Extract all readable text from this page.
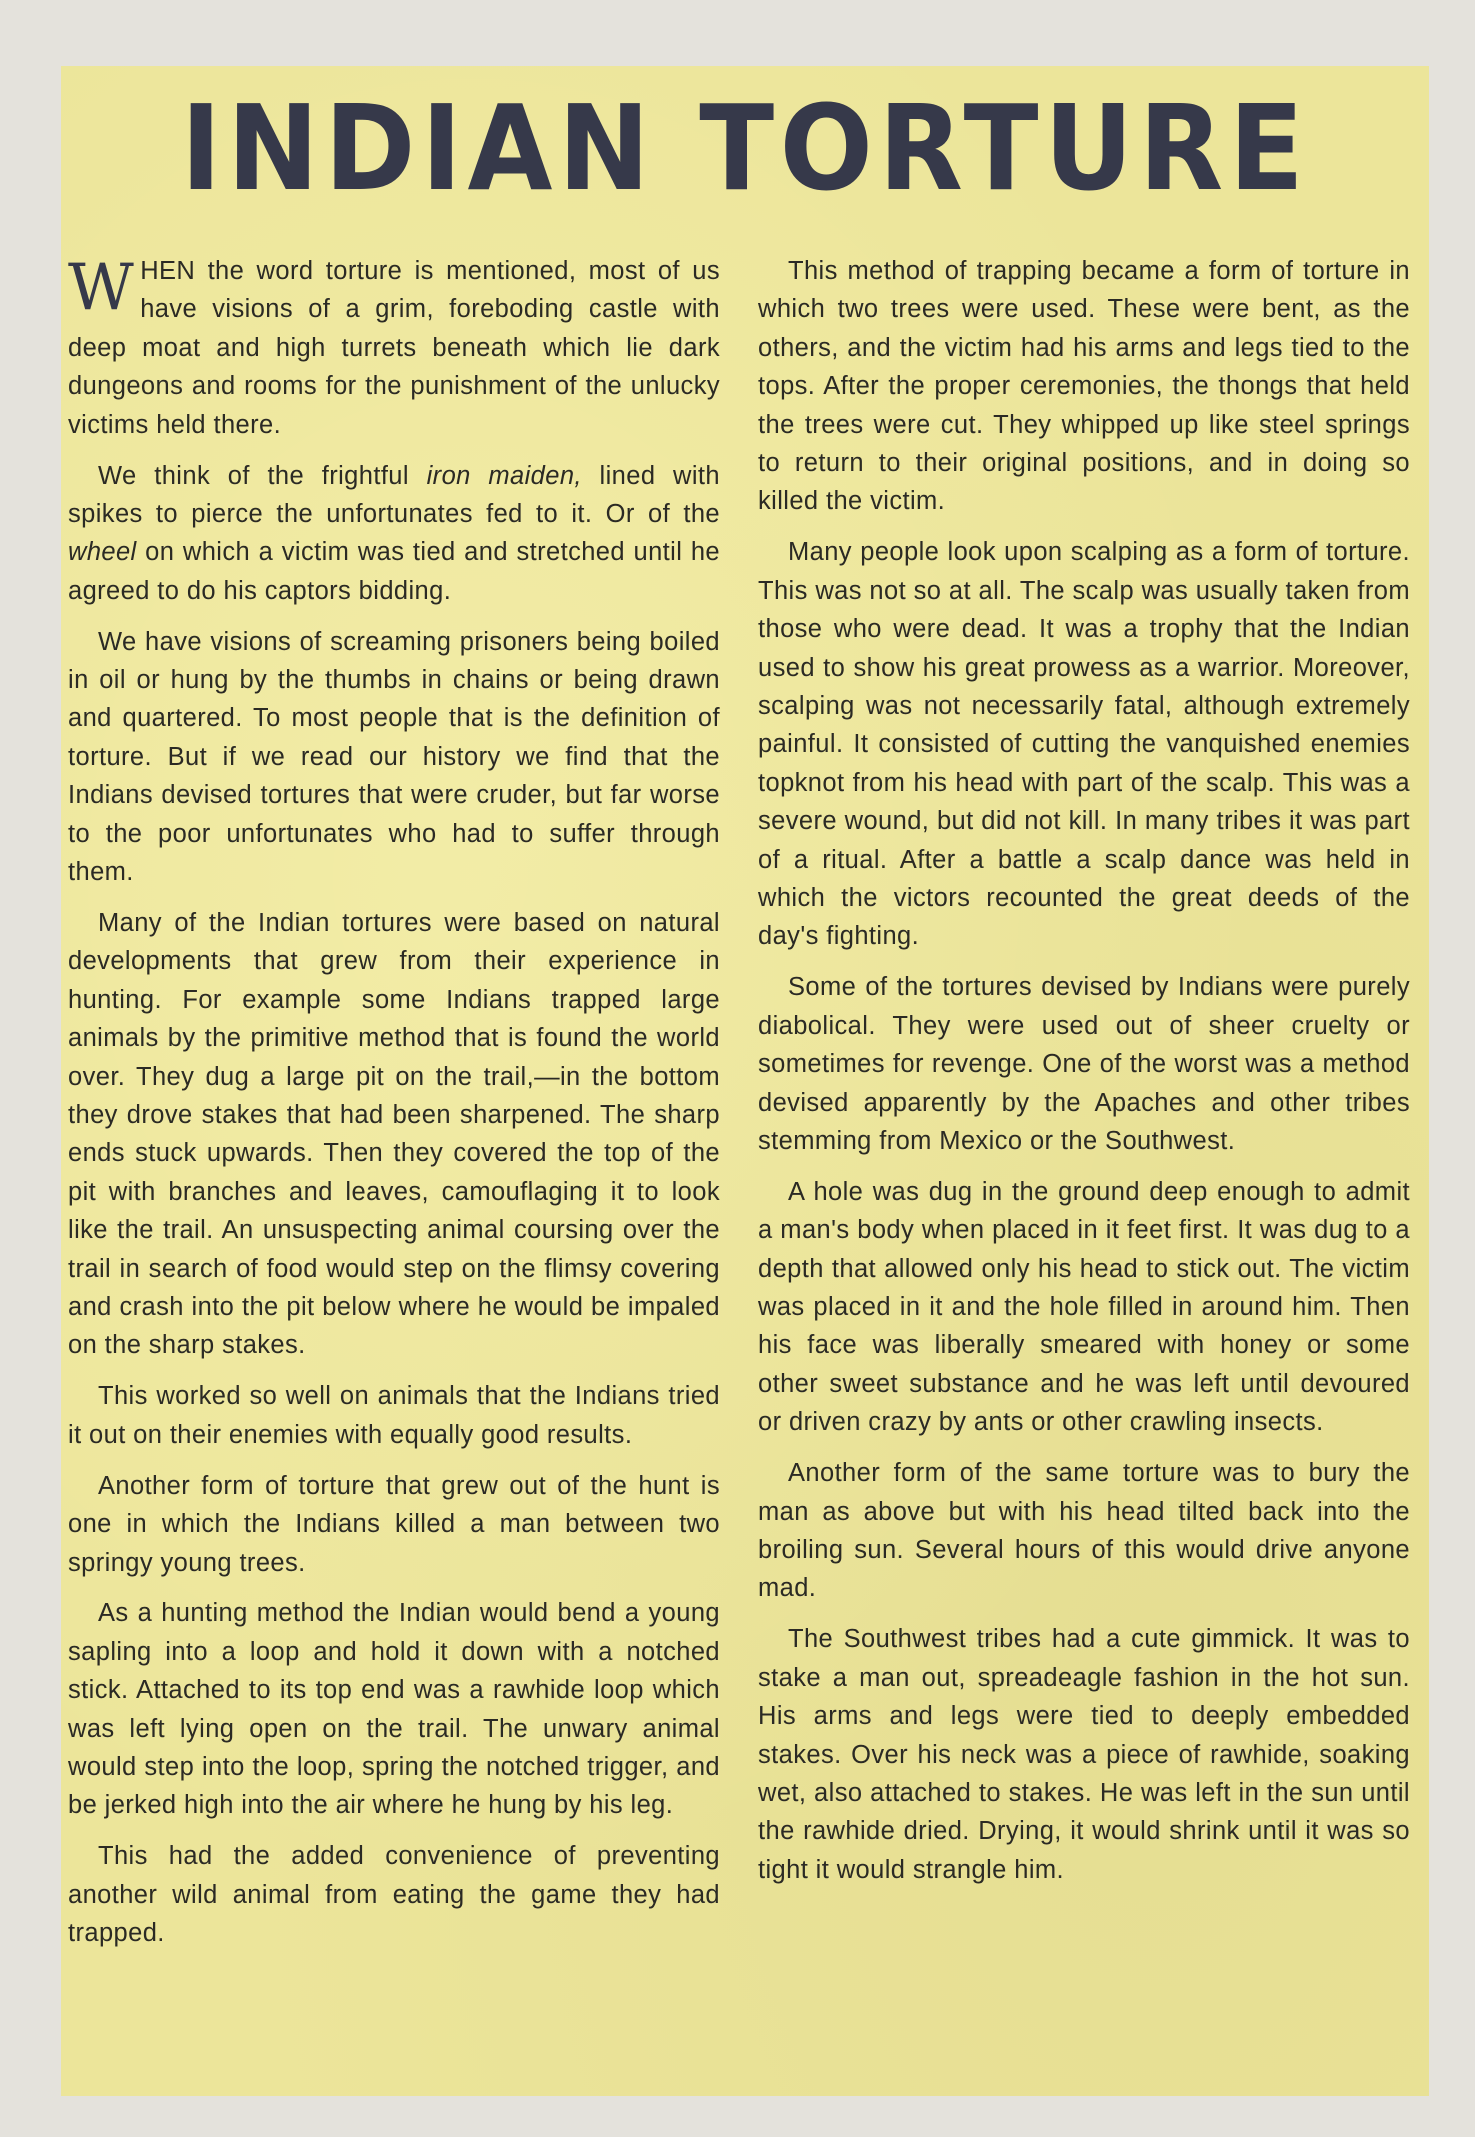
INDIAN TORTURE

WHEN the word torture is mentioned, most of us have visions of a grim, foreboding castle with deep moat and high turrets beneath which lie dark dungeons and rooms for the punishment of the unlucky victims held there.

We think of the frightful iron maiden, lined with spikes to pierce the unfortunates fed to it. Or of the wheel on which a victim was tied and stretched until he agreed to do his captors bidding.

We have visions of screaming prisoners being boiled in oil or hung by the thumbs in chains or being drawn and quartered. To most people that is the definition of torture. But if we read our history we find that the Indians devised tortures that were cruder, but far worse to the poor unfortunates who had to suffer through them.

Many of the Indian tortures were based on natural developments that grew from their experience in hunting. For example some Indians trapped large animals by the primitive method that is found the world over. They dug a large pit on the trail,—in the bottom they drove stakes that had been sharpened. The sharp ends stuck upwards. Then they covered the top of the pit with branches and leaves, camouflaging it to look like the trail. An unsuspecting animal coursing over the trail in search of food would step on the flimsy covering and crash into the pit below where he would be impaled on the sharp stakes.

This worked so well on animals that the Indians tried it out on their enemies with equally good results.

Another form of torture that grew out of the hunt is one in which the Indians killed a man between two springy young trees.

As a hunting method the Indian would bend a young sapling into a loop and hold it down with a notched stick. Attached to its top end was a rawhide loop which was left lying open on the trail. The unwary animal would step into the loop, spring the notched trigger, and be jerked high into the air where he hung by his leg.

This had the added convenience of preventing another wild animal from eating the game they had trapped.

This method of trapping became a form of torture in which two trees were used. These were bent, as the others, and the victim had his arms and legs tied to the tops. After the proper ceremonies, the thongs that held the trees were cut. They whipped up like steel springs to return to their original positions, and in doing so killed the victim.

Many people look upon scalping as a form of torture. This was not so at all. The scalp was usually taken from those who were dead. It was a trophy that the Indian used to show his great prowess as a warrior. Moreover, scalping was not necessarily fatal, although extremely painful. It consisted of cutting the vanquished enemies topknot from his head with part of the scalp. This was a severe wound, but did not kill. In many tribes it was part of a ritual. After a battle a scalp dance was held in which the victors recounted the great deeds of the day's fighting.

Some of the tortures devised by Indians were purely diabolical. They were used out of sheer cruelty or sometimes for revenge. One of the worst was a method devised apparently by the Apaches and other tribes stemming from Mexico or the Southwest.

A hole was dug in the ground deep enough to admit a man's body when placed in it feet first. It was dug to a depth that allowed only his head to stick out. The victim was placed in it and the hole filled in around him. Then his face was liberally smeared with honey or some other sweet substance and he was left until devoured or driven crazy by ants or other crawling insects.

Another form of the same torture was to bury the man as above but with his head tilted back into the broiling sun. Several hours of this would drive anyone mad.

The Southwest tribes had a cute gimmick. It was to stake a man out, spreadeagle fashion in the hot sun. His arms and legs were tied to deeply embedded stakes. Over his neck was a piece of rawhide, soaking wet, also attached to stakes. He was left in the sun until the rawhide dried. Drying, it would shrink until it was so tight it would strangle him.
